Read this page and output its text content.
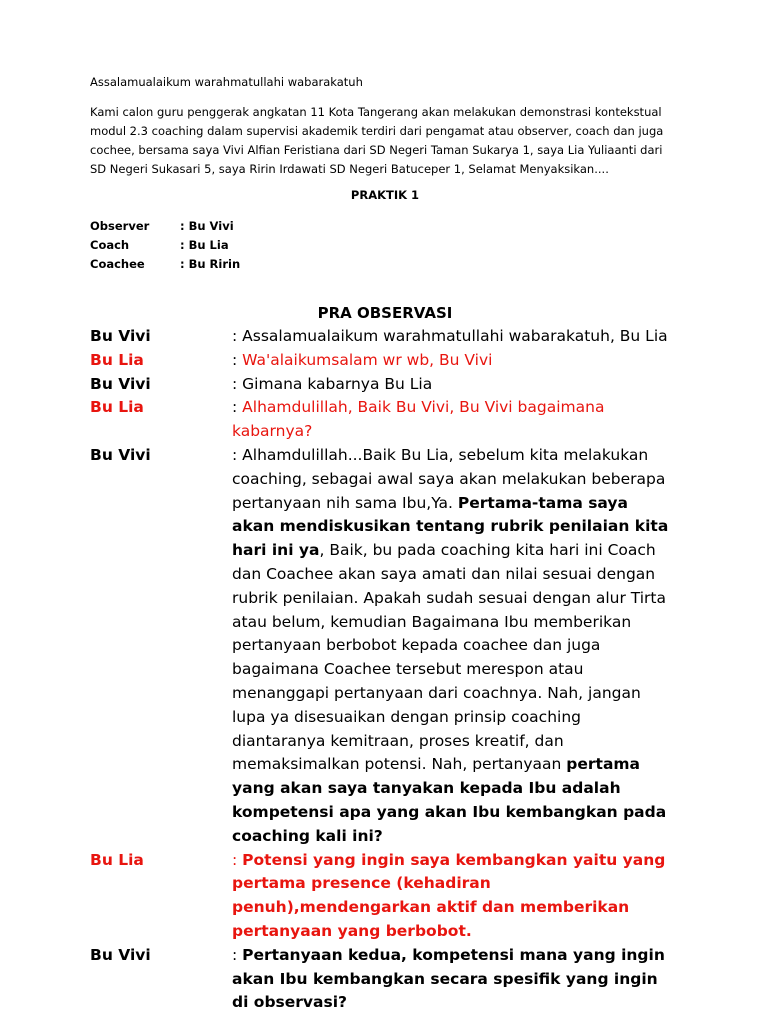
Assalamualaikum warahmatullahi wabarakatuh
Kami calon guru penggerak angkatan 11 Kota Tangerang akan melakukan demonstrasi kontekstual modul 2.3 coaching dalam supervisi akademik terdiri dari pengamat atau observer, coach dan juga cochee, bersama saya Vivi Alfian Feristiana dari SD Negeri Taman Sukarya 1, saya Lia Yuliaanti dari SD Negeri Sukasari 5, saya Ririn Irdawati SD Negeri Batuceper 1, Selamat Menyaksikan....
PRAKTIK 1
Observer	: Bu Vivi
Coach	: Bu Lia
Coachee	: Bu Ririn
PRA OBSERVASI
Bu Vivi	: Assalamualaikum warahmatullahi wabarakatuh, Bu Lia
Bu Lia	: Wa'alaikumsalam wr wb, Bu Vivi
Bu Vivi	: Gimana kabarnya Bu Lia
Bu Lia	: Alhamdulillah, Baik Bu Vivi, Bu Vivi bagaimana kabarnya?
Bu Vivi	: Alhamdulillah...Baik Bu Lia, sebelum kita melakukan coaching, sebagai awal saya akan melakukan beberapa pertanyaan nih sama Ibu,Ya. Pertama-tama saya akan mendiskusikan tentang rubrik penilaian kita hari ini ya, Baik, bu pada coaching kita hari ini Coach dan Coachee akan saya amati dan nilai sesuai dengan rubrik penilaian. Apakah sudah sesuai dengan alur Tirta atau belum, kemudian Bagaimana Ibu memberikan pertanyaan berbobot kepada coachee dan juga bagaimana Coachee tersebut merespon atau menanggapi pertanyaan dari coachnya. Nah, jangan lupa ya disesuaikan dengan prinsip coaching diantaranya kemitraan, proses kreatif, dan memaksimalkan potensi. Nah, pertanyaan pertama yang akan saya tanyakan kepada Ibu adalah kompetensi apa yang akan Ibu kembangkan pada coaching kali ini?
Bu Lia	: Potensi yang ingin saya kembangkan yaitu yang pertama presence (kehadiran penuh),mendengarkan aktif dan memberikan pertanyaan yang berbobot.
Bu Vivi	: Pertanyaan kedua, kompetensi mana yang ingin akan Ibu kembangkan secara spesifik yang ingin di observasi?
